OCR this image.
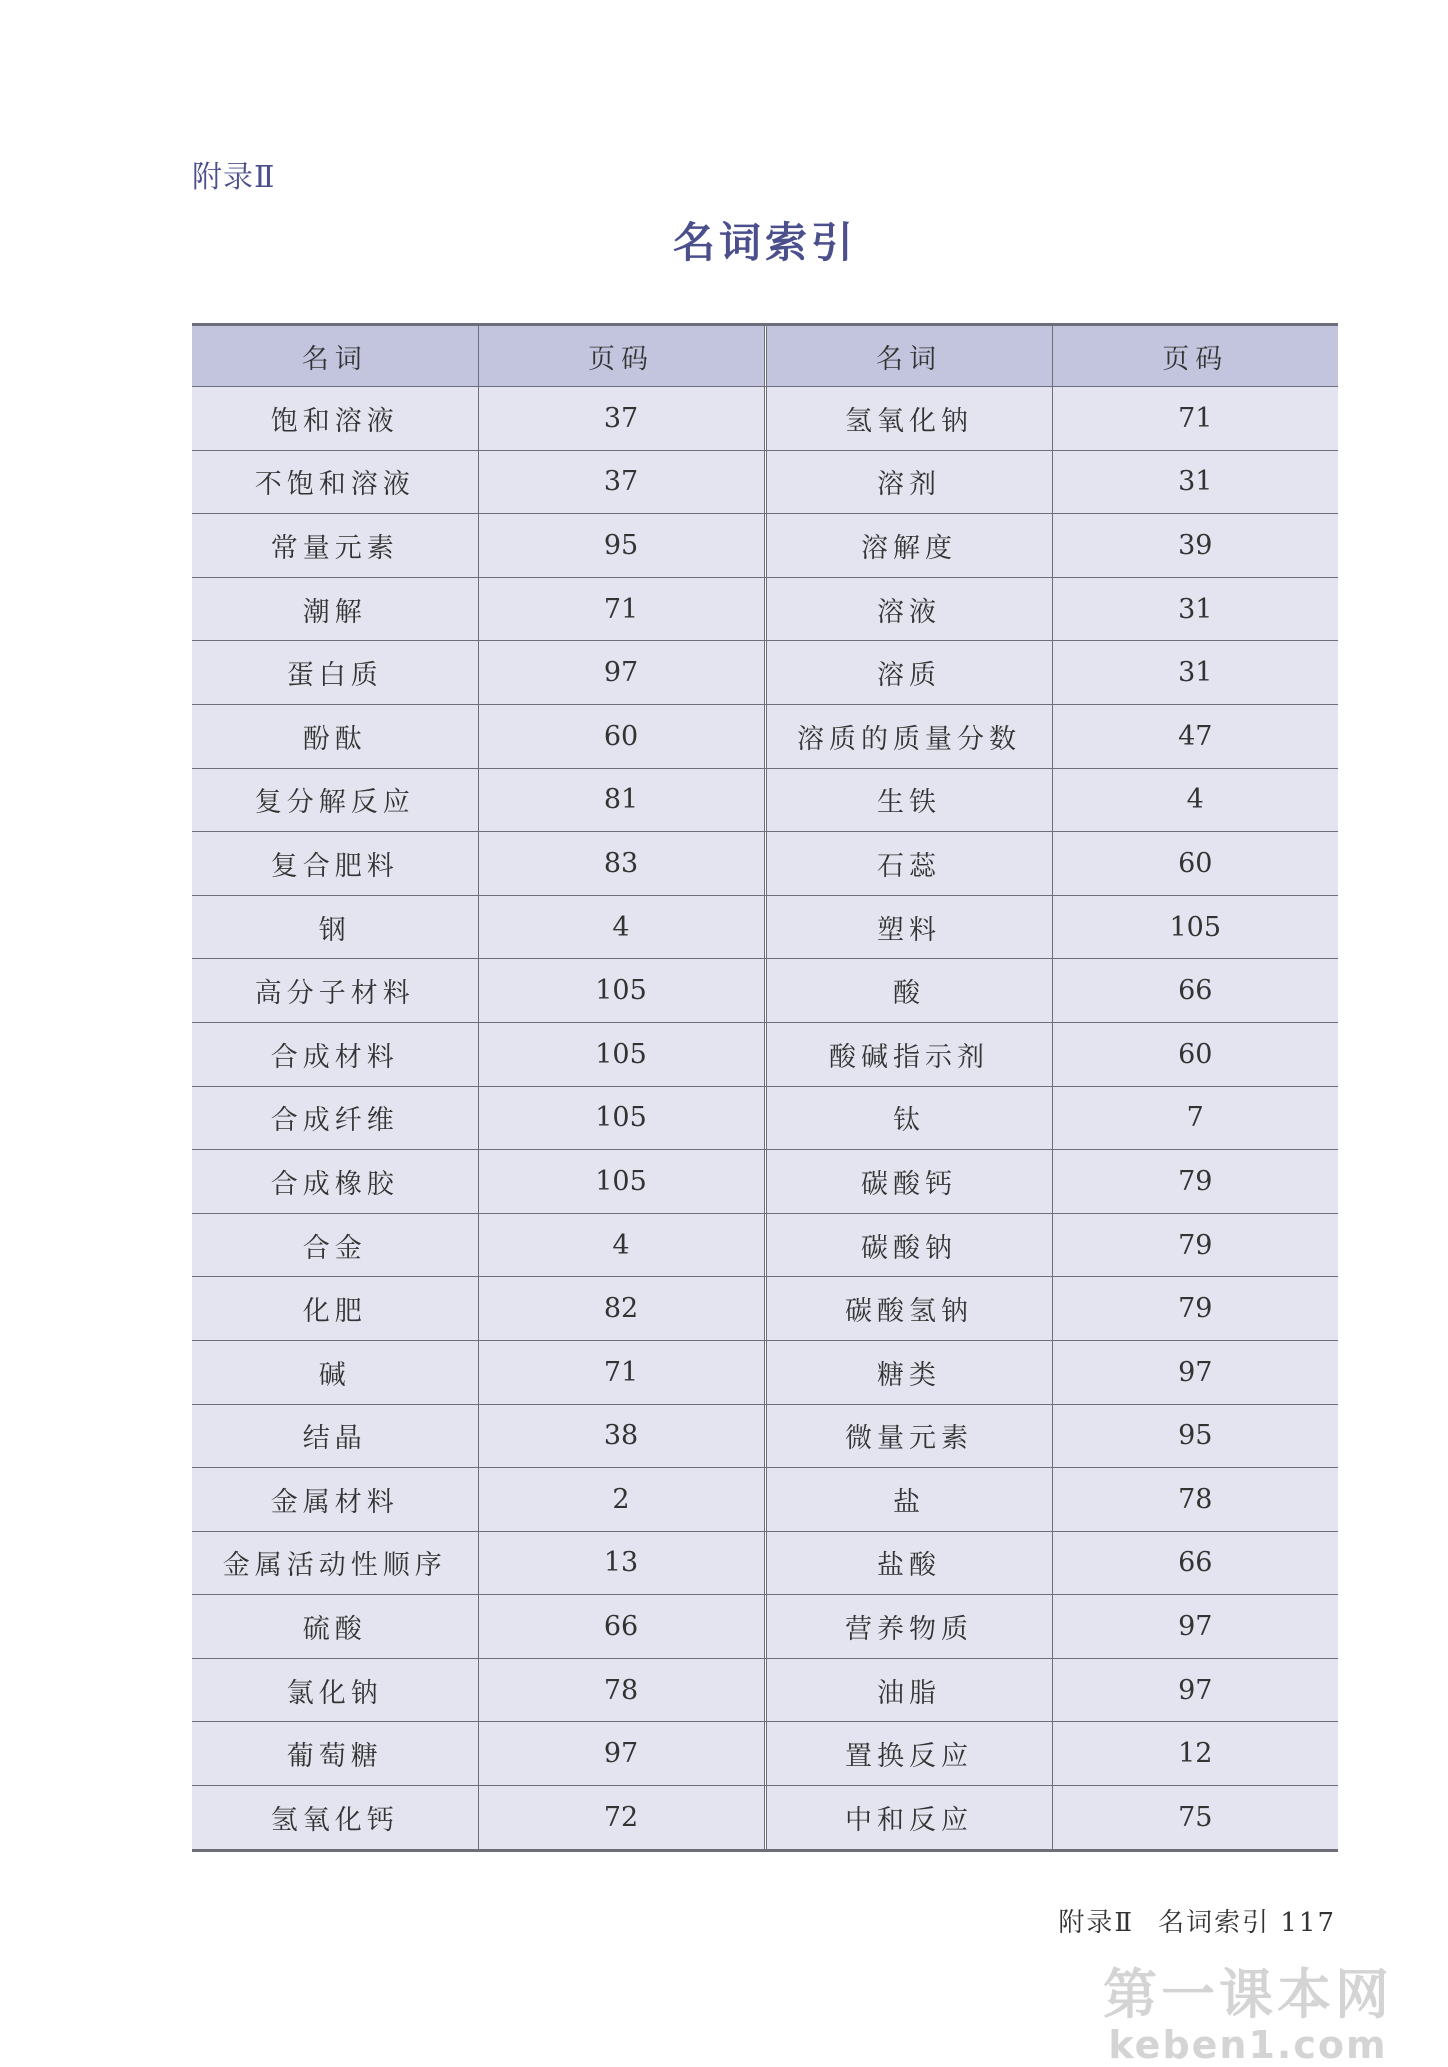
附录Ⅱ
名词索引
名词	页码		名词	页码
饱和溶液	37		氢氧化钠	71
不饱和溶液	37		溶剂	31
常量元素	95		溶解度	39
潮解	71		溶液	31
蛋白质	97		溶质	31
酚酞	60		溶质的质量分数	47
复分解反应	81		生铁	4
复合肥料	83		石蕊	60
钢	4		塑料	105
高分子材料	105		酸	66
合成材料	105		酸碱指示剂	60
合成纤维	105		钛	7
合成橡胶	105		碳酸钙	79
合金	4		碳酸钠	79
化肥	82		碳酸氢钠	79
碱	71		糖类	97
结晶	38		微量元素	95
金属材料	2		盐	78
金属活动性顺序	13		盐酸	66
硫酸	66		营养物质	97
氯化钠	78		油脂	97
葡萄糖	97		置换反应	12
氢氧化钙	72		中和反应	75
附录Ⅱ 名词索引 117
第一课本网
keben1.com
